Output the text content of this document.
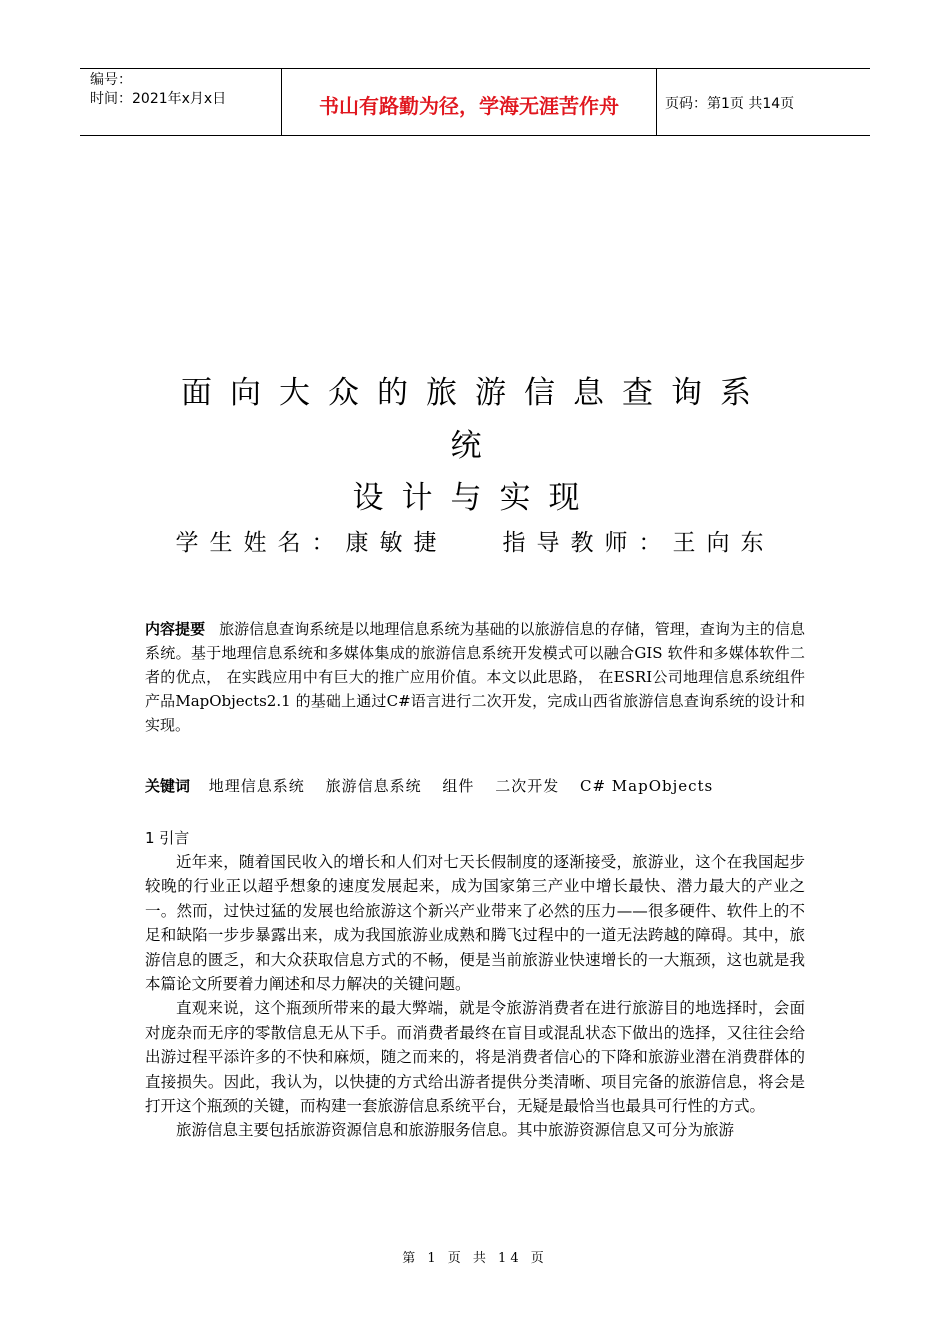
编号：
时间：2021年x月x日	书山有路勤为径，学海无涯苦作舟	页码：第1页 共14页
面向大众的旅游信息查询系
统
设计与实现
学生姓名：康敏捷   指导教师：王向东
内容提要 旅游信息查询系统是以地理信息系统为基础的以旅游信息的存储，管理，查询为主的信息系统。基于地理信息系统和多媒体集成的旅游信息系统开发模式可以融合GIS 软件和多媒体软件二者的优点， 在实践应用中有巨大的推广应用价值。本文以此思路， 在ESRI公司地理信息系统组件产品MapObjects2.1 的基础上通过C#语言进行二次开发，完成山西省旅游信息查询系统的设计和实现。
关键词 地理信息系统 旅游信息系统 组件 二次开发 C# MapObjects
1 引言

近年来，随着国民收入的增长和人们对七天长假制度的逐渐接受，旅游业，这个在我国起步较晚的行业正以超乎想象的速度发展起来，成为国家第三产业中增长最快、潜力最大的产业之一。然而，过快过猛的发展也给旅游这个新兴产业带来了必然的压力——很多硬件、软件上的不足和缺陷一步步暴露出来，成为我国旅游业成熟和腾飞过程中的一道无法跨越的障碍。其中，旅游信息的匮乏，和大众获取信息方式的不畅，便是当前旅游业快速增长的一大瓶颈，这也就是我本篇论文所要着力阐述和尽力解决的关键问题。

直观来说，这个瓶颈所带来的最大弊端，就是令旅游消费者在进行旅游目的地选择时，会面对庞杂而无序的零散信息无从下手。而消费者最终在盲目或混乱状态下做出的选择，又往往会给出游过程平添许多的不快和麻烦，随之而来的，将是消费者信心的下降和旅游业潜在消费群体的直接损失。因此，我认为，以快捷的方式给出游者提供分类清晰、项目完备的旅游信息，将会是打开这个瓶颈的关键，而构建一套旅游信息系统平台，无疑是最恰当也最具可行性的方式。

旅游信息主要包括旅游资源信息和旅游服务信息。其中旅游资源信息又可分为旅游

第 1 页 共 14 页
